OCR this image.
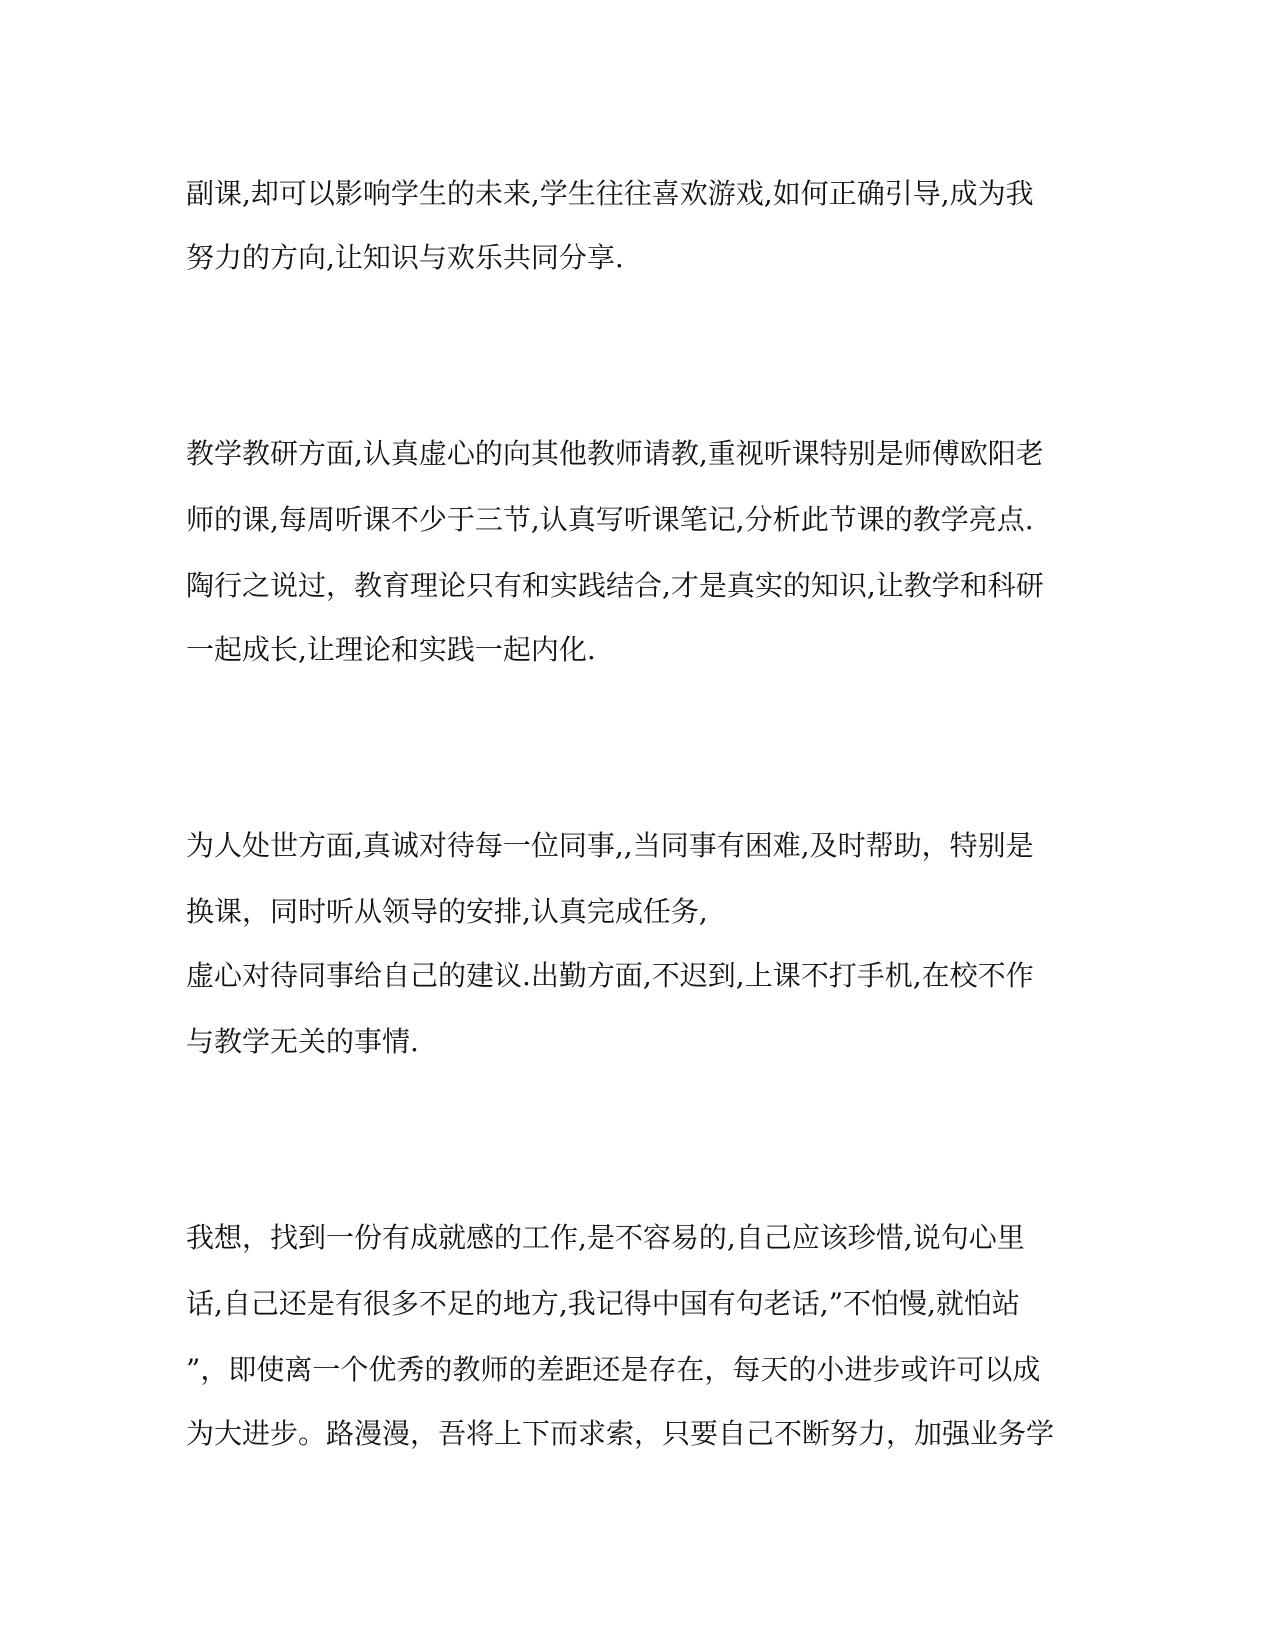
副课,却可以影响学生的未来,学生往往喜欢游戏,如何正确引导,成为我
努力的方向,让知识与欢乐共同分享.
教学教研方面,认真虚心的向其他教师请教,重视听课特别是师傅欧阳老
师的课,每周听课不少于三节,认真写听课笔记,分析此节课的教学亮点.
陶行之说过，教育理论只有和实践结合,才是真实的知识,让教学和科研
一起成长,让理论和实践一起内化.
为人处世方面,真诚对待每一位同事,,当同事有困难,及时帮助，特别是
换课，同时听从领导的安排,认真完成任务,
虚心对待同事给自己的建议.出勤方面,不迟到,上课不打手机,在校不作
与教学无关的事情.
我想，找到一份有成就感的工作,是不容易的,自己应该珍惜,说句心里
话,自己还是有很多不足的地方,我记得中国有句老话,”不怕慢,就怕站
”，即使离一个优秀的教师的差距还是存在，每天的小进步或许可以成
为大进步。路漫漫，吾将上下而求索，只要自己不断努力，加强业务学
